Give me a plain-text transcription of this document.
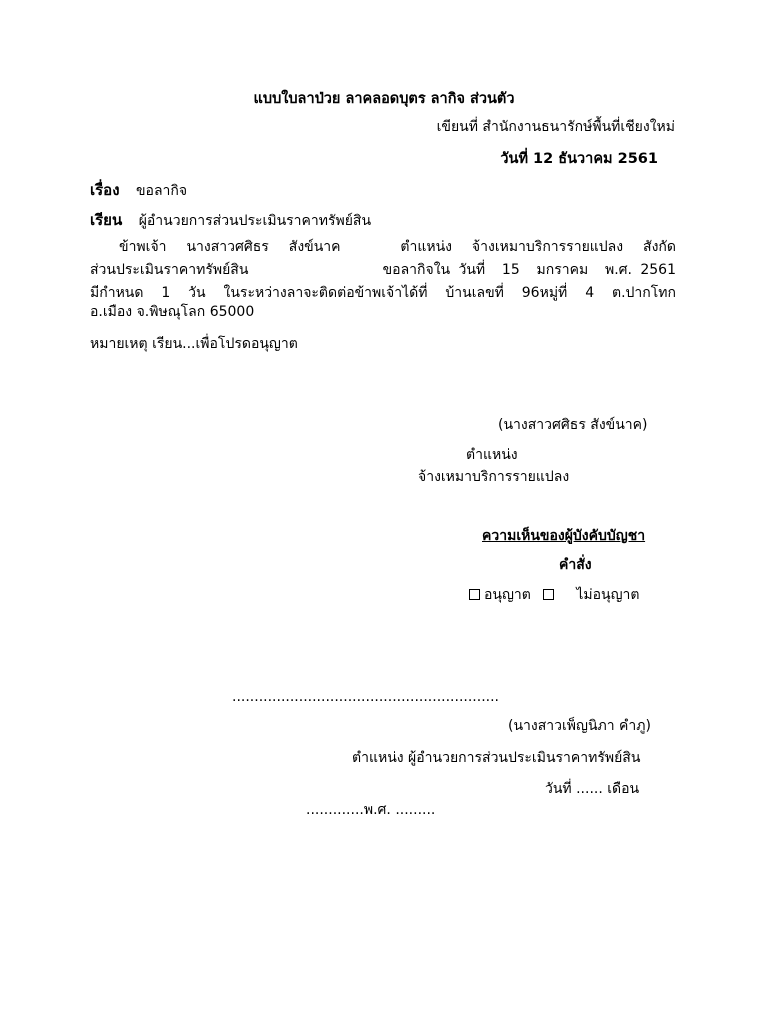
แบบใบลาป่วย ลาคลอดบุตร ลากิจ ส่วนตัว
เขียนที่ สำนักงานธนารักษ์พื้นที่เชียงใหม่
วันที่ 12 ธันวาคม 2561
เรื่อง ขอลากิจ
เรียน ผู้อำนวยการส่วนประเมินราคาทรัพย์สิน
ข้าพเจ้า นางสาวศศิธร สังข์นาค   ตำแหน่ง จ้างเหมาบริการรายแปลง สังกัด
ส่วนประเมินราคาทรัพย์สิน                ขอลากิจใน วันที่  15  มกราคม  พ.ศ. 2561
มีกำหนด 1 วัน ในระหว่างลาจะติดต่อข้าพเจ้าได้ที่ บ้านเลขที่ 96หมู่ที่ 4 ต.ปากโทก
อ.เมือง จ.พิษณุโลก 65000
หมายเหตุ เรียน...เพื่อโปรดอนุญาต
(นางสาวศศิธร สังข์นาค)
ตำแหน่ง
จ้างเหมาบริการรายแปลง
ความเห็นของผู้บังคับบัญชา
คำสั่ง
อนุญาต	ไม่อนุญาต
............................................................
(นางสาวเพ็ญนิภา คำภู)
ตำแหน่ง ผู้อำนวยการส่วนประเมินราคาทรัพย์สิน
วันที่ ...... เดือน
.............พ.ศ. .........
